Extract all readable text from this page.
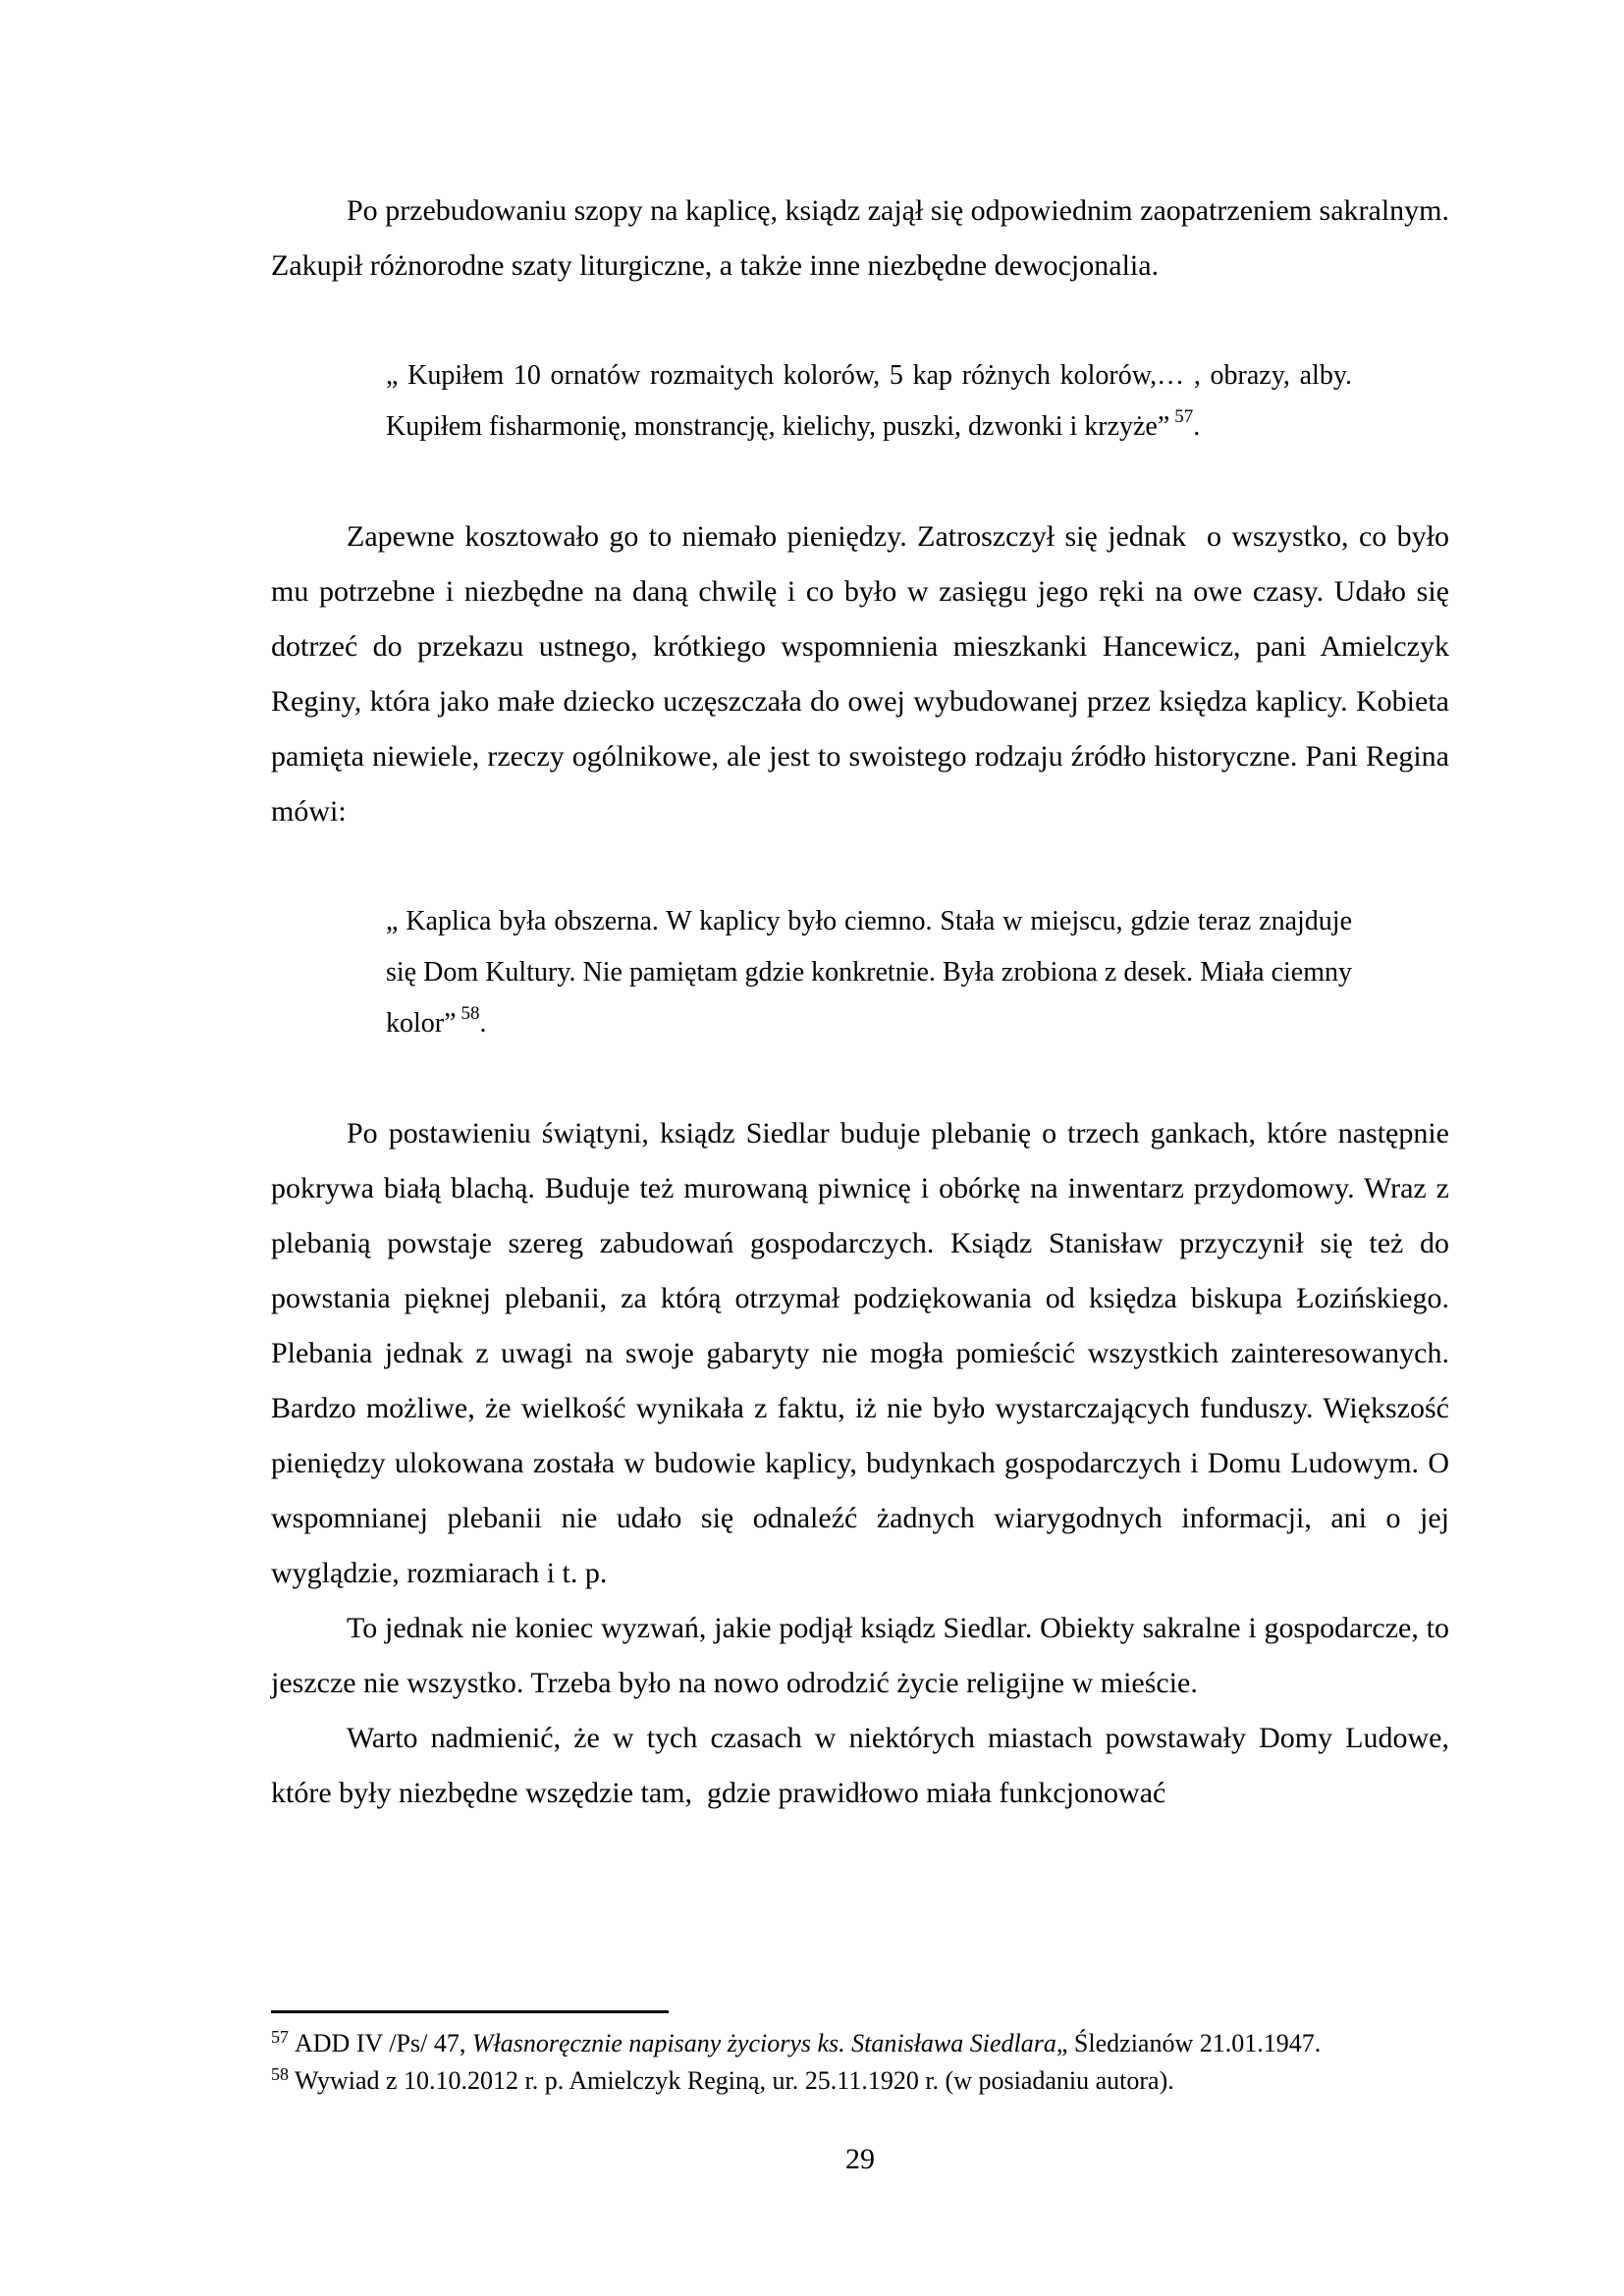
Po przebudowaniu szopy na kaplicę, ksiądz zajął się odpowiednim zaopatrzeniem sakralnym. Zakupił różnorodne szaty liturgiczne, a także inne niezbędne dewocjonalia.

„ Kupiłem 10 ornatów rozmaitych kolorów, 5 kap różnych kolorów,… , obrazy, alby. Kupiłem fisharmonię, monstrancję, kielichy, puszki, dzwonki i krzyże” $^{57}$.

Zapewne kosztowało go to niemało pieniędzy. Zatroszczył się jednak  o wszystko, co było mu potrzebne i niezbędne na daną chwilę i co było w zasięgu jego ręki na owe czasy. Udało się dotrzeć do przekazu ustnego, krótkiego wspomnienia mieszkanki Hancewicz, pani Amielczyk Reginy, która jako małe dziecko uczęszczała do owej wybudowanej przez księdza kaplicy. Kobieta pamięta niewiele, rzeczy ogólnikowe, ale jest to swoistego rodzaju źródło historyczne. Pani Regina mówi:

„ Kaplica była obszerna. W kaplicy było ciemno. Stała w miejscu, gdzie teraz znajduje się Dom Kultury. Nie pamiętam gdzie konkretnie. Była zrobiona z desek. Miała ciemny kolor” $^{58}$.

Po postawieniu świątyni, ksiądz Siedlar buduje plebanię o trzech gankach, które następnie pokrywa białą blachą. Buduje też murowaną piwnicę i obórkę na inwentarz przydomowy. Wraz z plebanią powstaje szereg zabudowań gospodarczych. Ksiądz Stanisław przyczynił się też do powstania pięknej plebanii, za którą otrzymał podziękowania od księdza biskupa Łozińskiego. Plebania jednak z uwagi na swoje gabaryty nie mogła pomieścić wszystkich zainteresowanych. Bardzo możliwe, że wielkość wynikała z faktu, iż nie było wystarczających funduszy. Większość pieniędzy ulokowana została w budowie kaplicy, budynkach gospodarczych i Domu Ludowym. O wspomnianej plebanii nie udało się odnaleźć żadnych wiarygodnych informacji, ani o jej wyglądzie, rozmiarach i t. p.

To jednak nie koniec wyzwań, jakie podjął ksiądz Siedlar. Obiekty sakralne i gospodarcze, to jeszcze nie wszystko. Trzeba było na nowo odrodzić życie religijne w mieście.

Warto nadmienić, że w tych czasach w niektórych miastach powstawały Domy Ludowe, które były niezbędne wszędzie tam,  gdzie prawidłowo miała funkcjonować

$^{57}$ ADD IV /Ps/ 47, Własnoręcznie napisany życiorys ks. Stanisława Siedlara„ Śledzianów 21.01.1947.

$^{58}$ Wywiad z 10.10.2012 r. p. Amielczyk Reginą, ur. 25.11.1920 r. (w posiadaniu autora).

29
